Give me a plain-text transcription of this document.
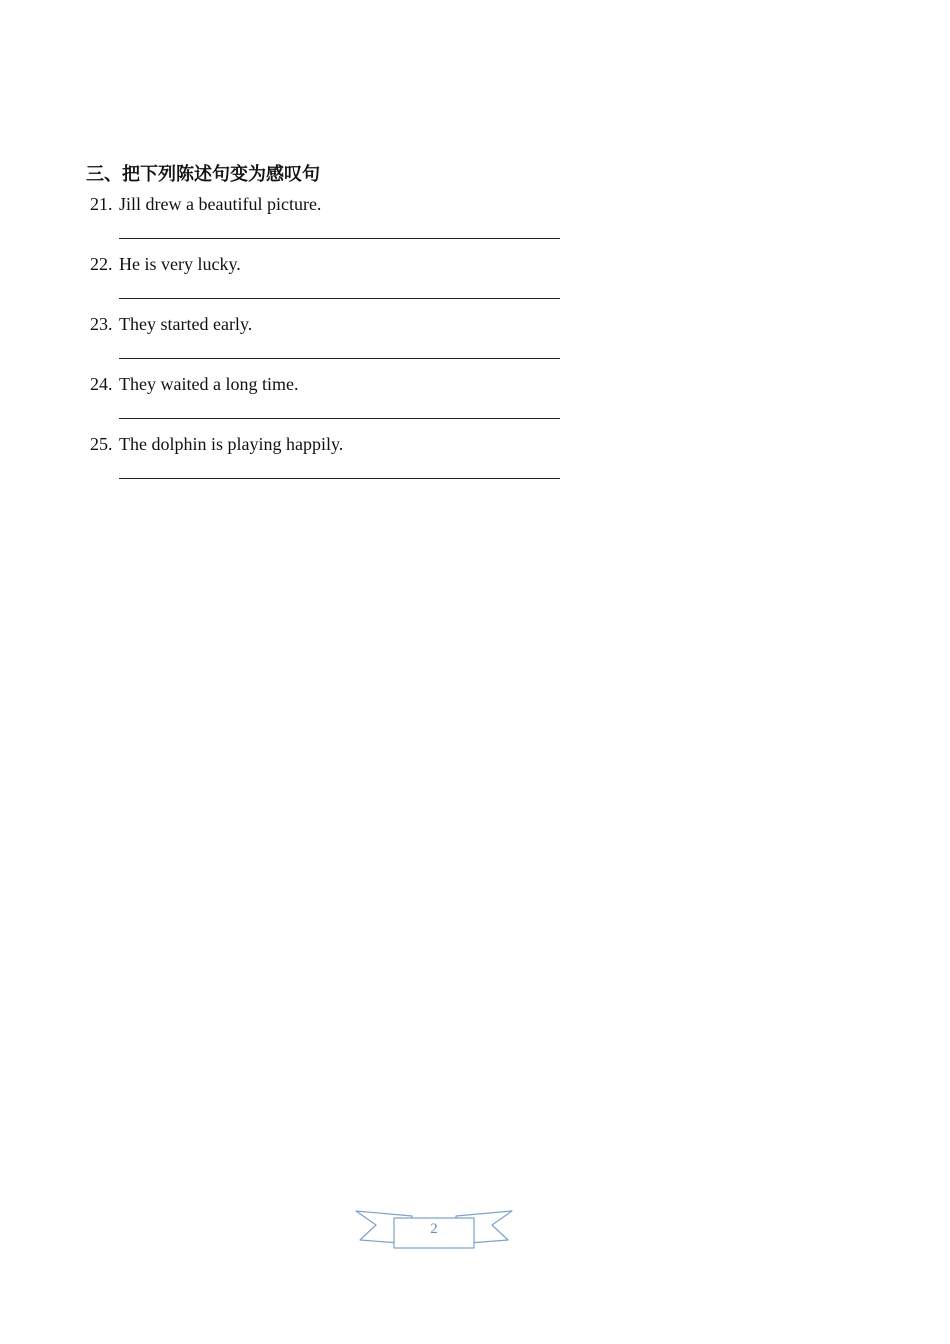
三、把下列陈述句变为感叹句
21. Jill drew a beautiful picture.
22. He is very lucky.
23. They started early.
24. They waited a long time.
25. The dolphin is playing happily.
2
